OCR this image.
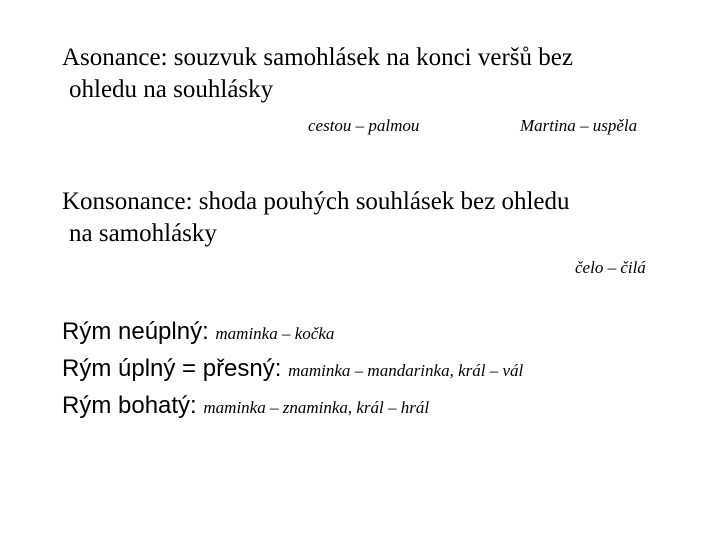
Asonance: souzvuk samohlásek na konci veršů bez
ohledu na souhlásky
cestou – palmou	Martina – uspěla
Konsonance: shoda pouhých souhlásek bez ohledu
na samohlásky
čelo – čilá
Rým neúplný: maminka – kočka
Rým úplný = přesný: maminka – mandarinka, král – vál
Rým bohatý: maminka – znaminka, král – hrál
